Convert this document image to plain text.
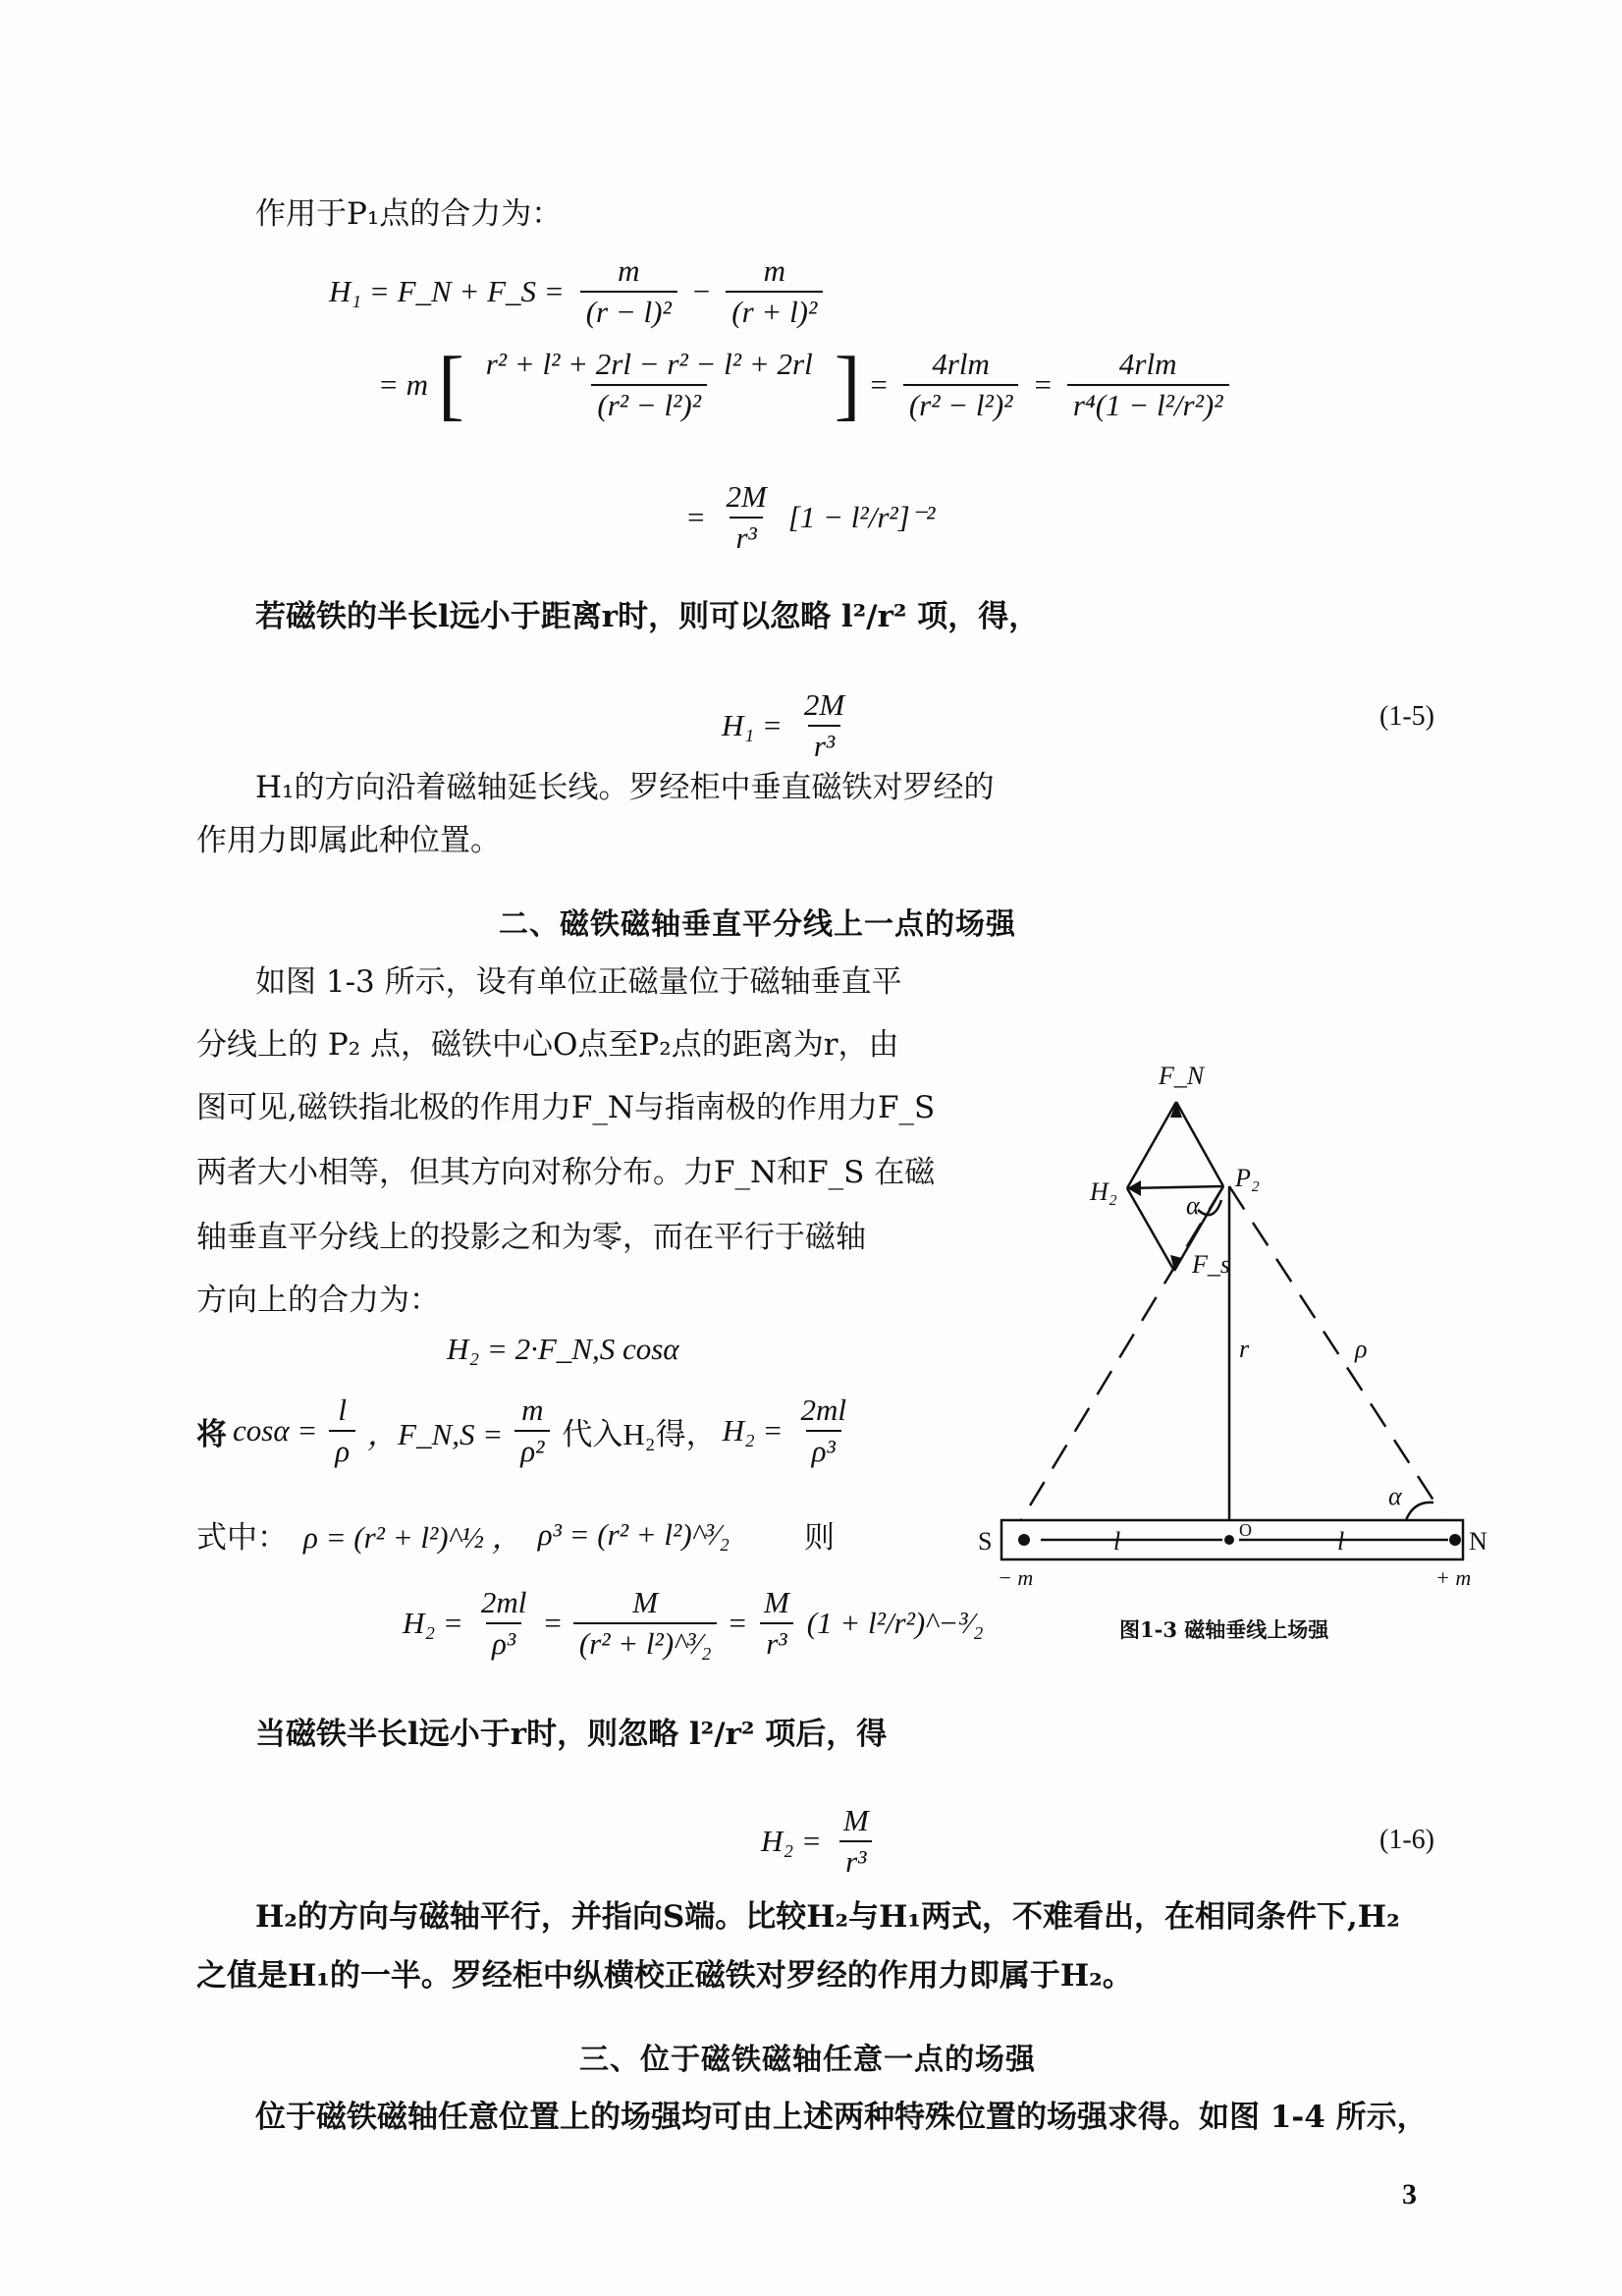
作用于P₁点的合力为：
H₁ = F_N + F_S = $\frac{m}{\text{(r − l)²}} - \frac{m}{\text{(r + l)²}}$
= m [ $\frac{\text{r² + l² + 2rl − r² − l² + 2rl}}{\text{(r² − l²)²}}$ ] = $\frac{\text{4rlm}}{\text{(r² − l²)²}} = \frac{\text{4rlm}}{\text{r⁴(1 − l²/r²)²}}$
= $\frac{2M}{\text{r³}} [1 - l^2/r^2]^{-2}$
若磁铁的半长l远小于距离r时，则可以忽略 l²/r² 项，得，
$H_1 = \frac{2M}{\text{r³}}$	(1-5)
H₁的方向沿着磁轴延长线。罗经柜中垂直磁铁对罗经的
作用力即属此种位置。
二、磁铁磁轴垂直平分线上一点的场强
如图 1-3 所示，设有单位正磁量位于磁轴垂直平
分线上的 P₂ 点，磁铁中心O点至P₂点的距离为r，由
图可见,磁铁指北极的作用力F_N与指南极的作用力F_S
两者大小相等，但其方向对称分布。力F_N和F_S 在磁
轴垂直平分线上的投影之和为零，而在平行于磁轴
方向上的合力为：
H₂ = 2·F_N,S cosα
将 $\cos\alpha = \frac{l}{\rho}$ ，F_N,S = $\frac{m}{\text{ρ²}}$ 代入H₂得， $H_2 = \frac{2ml}{\text{ρ³}}$
式中： ρ = (r² + l²)^½ ， ρ³ = (r² + l²)^³⁄₂ 则
$H_2 = \frac{2ml}{\text{ρ³}} = \frac{M}{\text{(r² + l²)\textasciicircum{}³⁄₂}} = \frac{M}{\text{r³}} (1$ + l²/r²)^−³⁄₂
当磁铁半长l远小于r时，则忽略 l²/r² 项后，得
$H_2 = \frac{M}{\text{r³}}$	(1-6)
H₂的方向与磁轴平行，并指向S端。比较H₂与H₁两式，不难看出，在相同条件下,H₂
之值是H₁的一半。罗经柜中纵横校正磁铁对罗经的作用力即属于H₂。
三、位于磁铁磁轴任意一点的场强
位于磁铁磁轴任意位置上的场强均可由上述两种特殊位置的场强求得。如图 1-4 所示，
3
F_N
H₂	P₂
α
F_s
r	ρ
α
l	l
S	N
O
− m	+ m
图1-3 磁轴垂线上场强
